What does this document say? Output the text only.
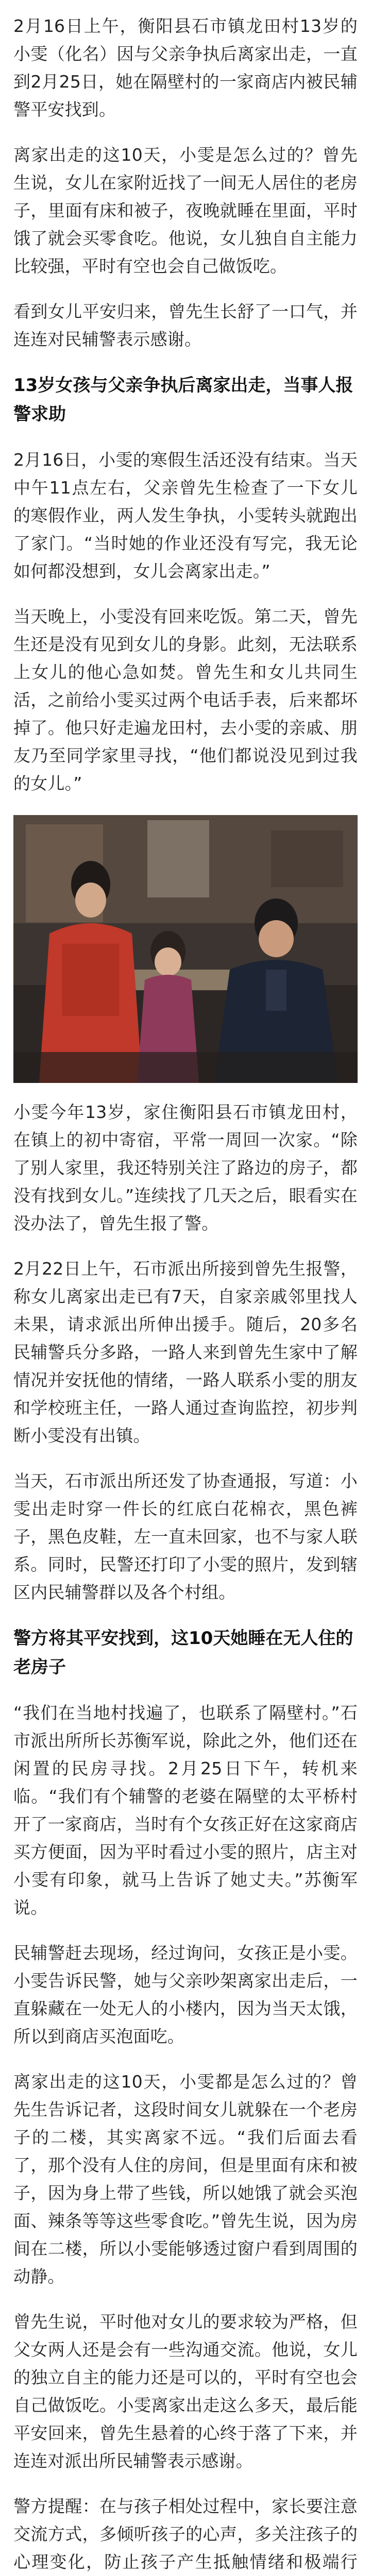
2月16日上午，衡阳县石市镇龙田村13岁的小雯（化名）因与父亲争执后离家出走，一直到2月25日，她在隔壁村的一家商店内被民辅警平安找到。

离家出走的这10天，小雯是怎么过的？曾先生说，女儿在家附近找了一间无人居住的老房子，里面有床和被子，夜晚就睡在里面，平时饿了就会买零食吃。他说，女儿独自自主能力比较强，平时有空也会自己做饭吃。

看到女儿平安归来，曾先生长舒了一口气，并连连对民辅警表示感谢。

13岁女孩与父亲争执后离家出走，当事人报警求助

2月16日，小雯的寒假生活还没有结束。当天中午11点左右，父亲曾先生检查了一下女儿的寒假作业，两人发生争执，小雯转头就跑出了家门。“当时她的作业还没有写完，我无论如何都没想到，女儿会离家出走。”

当天晚上，小雯没有回来吃饭。第二天，曾先生还是没有见到女儿的身影。此刻，无法联系上女儿的他心急如焚。曾先生和女儿共同生活，之前给小雯买过两个电话手表，后来都坏掉了。他只好走遍龙田村，去小雯的亲戚、朋友乃至同学家里寻找，“他们都说没见到过我的女儿。”

小雯今年13岁，家住衡阳县石市镇龙田村，在镇上的初中寄宿，平常一周回一次家。“除了别人家里，我还特别关注了路边的房子，都没有找到女儿。”连续找了几天之后，眼看实在没办法了，曾先生报了警。

2月22日上午，石市派出所接到曾先生报警，称女儿离家出走已有7天，自家亲戚邻里找人未果，请求派出所伸出援手。随后，20多名民辅警兵分多路，一路人来到曾先生家中了解情况并安抚他的情绪，一路人联系小雯的朋友和学校班主任，一路人通过查询监控，初步判断小雯没有出镇。

当天，石市派出所还发了协查通报，写道：小雯出走时穿一件长的红底白花棉衣，黑色裤子，黑色皮鞋，左一直未回家，也不与家人联系。同时，民警还打印了小雯的照片，发到辖区内民辅警群以及各个村组。

警方将其平安找到，这10天她睡在无人住的老房子

“我们在当地村找遍了，也联系了隔壁村。”石市派出所所长苏衡军说，除此之外，他们还在闲置的民房寻找。2月25日下午，转机来临。“我们有个辅警的老婆在隔壁的太平桥村开了一家商店，当时有个女孩正好在这家商店买方便面，因为平时看过小雯的照片，店主对小雯有印象，就马上告诉了她丈夫。”苏衡军说。

民辅警赶去现场，经过询问，女孩正是小雯。小雯告诉民警，她与父亲吵架离家出走后，一直躲藏在一处无人的小楼内，因为当天太饿，所以到商店买泡面吃。

离家出走的这10天，小雯都是怎么过的？曾先生告诉记者，这段时间女儿就躲在一个老房子的二楼，其实离家不远。“我们后面去看了，那个没有人住的房间，但是里面有床和被子，因为身上带了些钱，所以她饿了就会买泡面、辣条等等这些零食吃。”曾先生说，因为房间在二楼，所以小雯能够透过窗户看到周围的动静。

曾先生说，平时他对女儿的要求较为严格，但父女两人还是会有一些沟通交流。他说，女儿的独立自主的能力还是可以的，平时有空也会自己做饭吃。小雯离家出走这么多天，最后能平安回来，曾先生悬着的心终于落了下来，并连连对派出所民辅警表示感谢。

警方提醒：在与孩子相处过程中，家长要注意交流方式，多倾听孩子的心声，多关注孩子的心理变化，防止孩子产生抵触情绪和极端行
